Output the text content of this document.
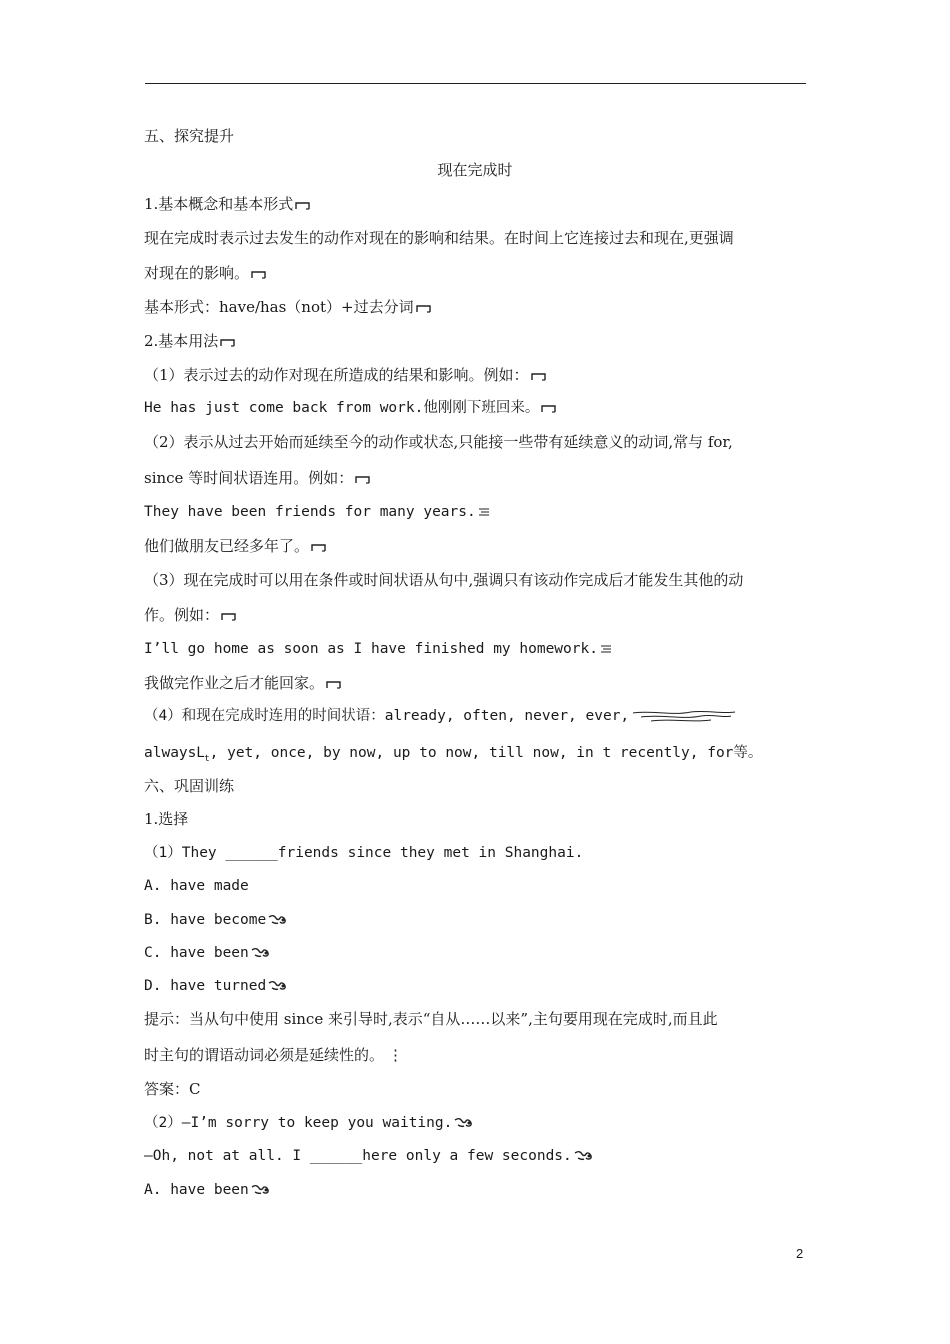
五、探究提升
现在完成时
1.基本概念和基本形式
现在完成时表示过去发生的动作对现在的影响和结果。在时间上它连接过去和现在,更强调
对现在的影响。
基本形式：have/has（not）+过去分词
2.基本用法
（1）表示过去的动作对现在所造成的结果和影响。例如：
He has just come back from work.他刚刚下班回来。
（2）表示从过去开始而延续至今的动作或状态,只能接一些带有延续意义的动词,常与 for,
since 等时间状语连用。例如：
They have been friends for many years.
他们做朋友已经多年了。
（3）现在完成时可以用在条件或时间状语从句中,强调只有该动作完成后才能发生其他的动
作。例如：
I’ll go home as soon as I have finished my homework.
我做完作业之后才能回家。
（4）和现在完成时连用的时间状语：already, often, never, ever,
alwaysL$_t$, yet, once, by now, up to now, till now, in t recently, for等。
六、巩固训练
1.选择
（1）They ______friends since they met in Shanghai.
A. have made
B. have become
C. have been
D. have turned
提示：当从句中使用 since 来引导时,表示“自从……以来”,主句要用现在完成时,而且此
时主句的谓语动词必须是延续性的。 ⋮
答案：C
（2）—I’m sorry to keep you waiting.
—Oh, not at all. I ______here only a few seconds.
A. have been
2
